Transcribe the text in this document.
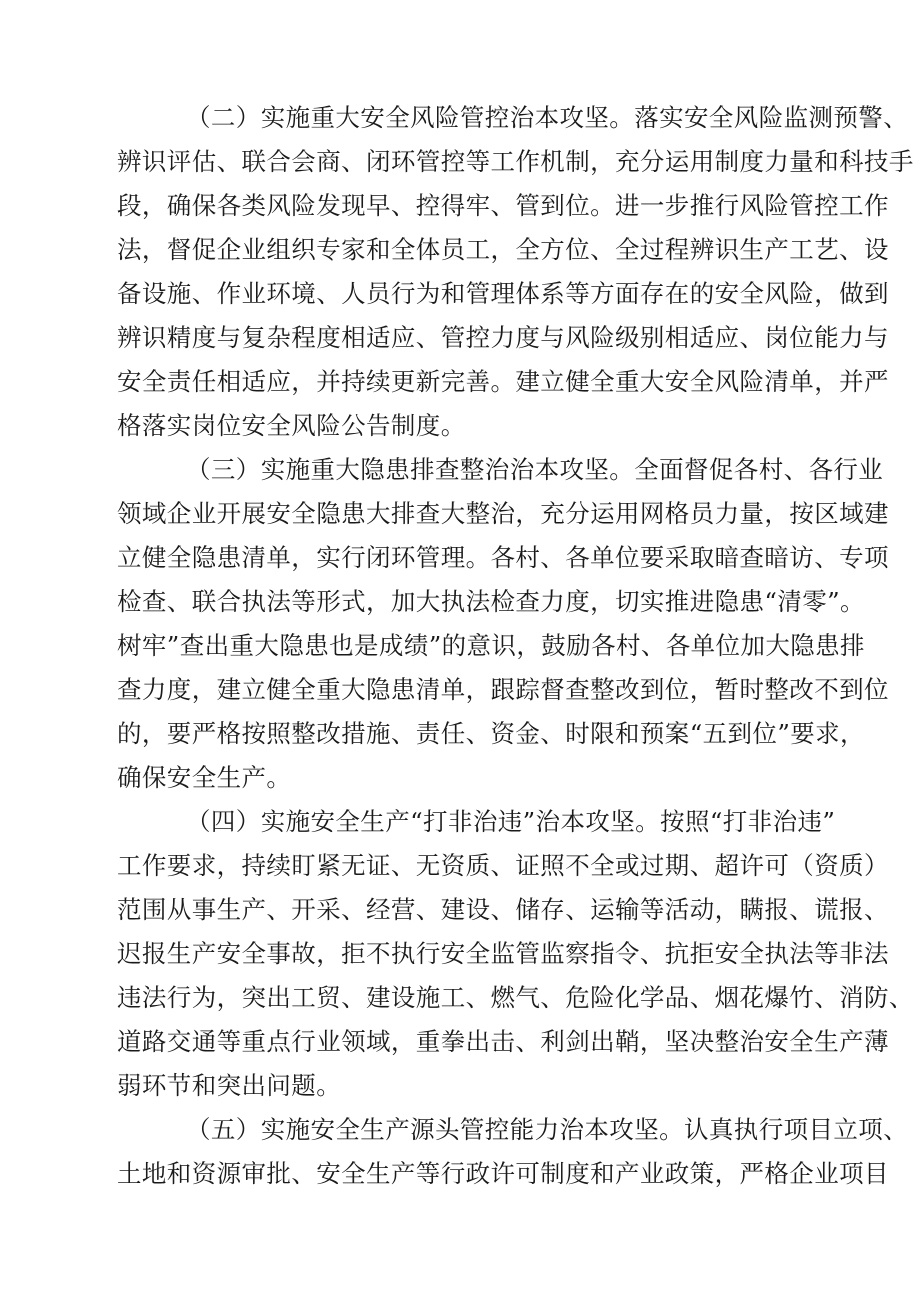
（二）实施重大安全风险管控治本攻坚。落实安全风险监测预警、
辨识评估、联合会商、闭环管控等工作机制，充分运用制度力量和科技手
段，确保各类风险发现早、控得牢、管到位。进一步推行风险管控工作
法，督促企业组织专家和全体员工，全方位、全过程辨识生产工艺、设
备设施、作业环境、人员行为和管理体系等方面存在的安全风险，做到
辨识精度与复杂程度相适应、管控力度与风险级别相适应、岗位能力与
安全责任相适应，并持续更新完善。建立健全重大安全风险清单，并严
格落实岗位安全风险公告制度。
（三）实施重大隐患排查整治治本攻坚。全面督促各村、各行业
领域企业开展安全隐患大排查大整治，充分运用网格员力量，按区域建
立健全隐患清单，实行闭环管理。各村、各单位要采取暗查暗访、专项
检查、联合执法等形式，加大执法检查力度，切实推进隐患“清零”。
树牢”查出重大隐患也是成绩”的意识，鼓励各村、各单位加大隐患排
查力度，建立健全重大隐患清单，跟踪督查整改到位，暂时整改不到位
的，要严格按照整改措施、责任、资金、时限和预案“五到位”要求，
确保安全生产。
（四）实施安全生产“打非治违”治本攻坚。按照“打非治违”
工作要求，持续盯紧无证、无资质、证照不全或过期、超许可（资质）
范围从事生产、开采、经营、建设、储存、运输等活动，瞒报、谎报、
迟报生产安全事故，拒不执行安全监管监察指令、抗拒安全执法等非法
违法行为，突出工贸、建设施工、燃气、危险化学品、烟花爆竹、消防、
道路交通等重点行业领域，重拳出击、利剑出鞘，坚决整治安全生产薄
弱环节和突出问题。
（五）实施安全生产源头管控能力治本攻坚。认真执行项目立项、
土地和资源审批、安全生产等行政许可制度和产业政策，严格企业项目
